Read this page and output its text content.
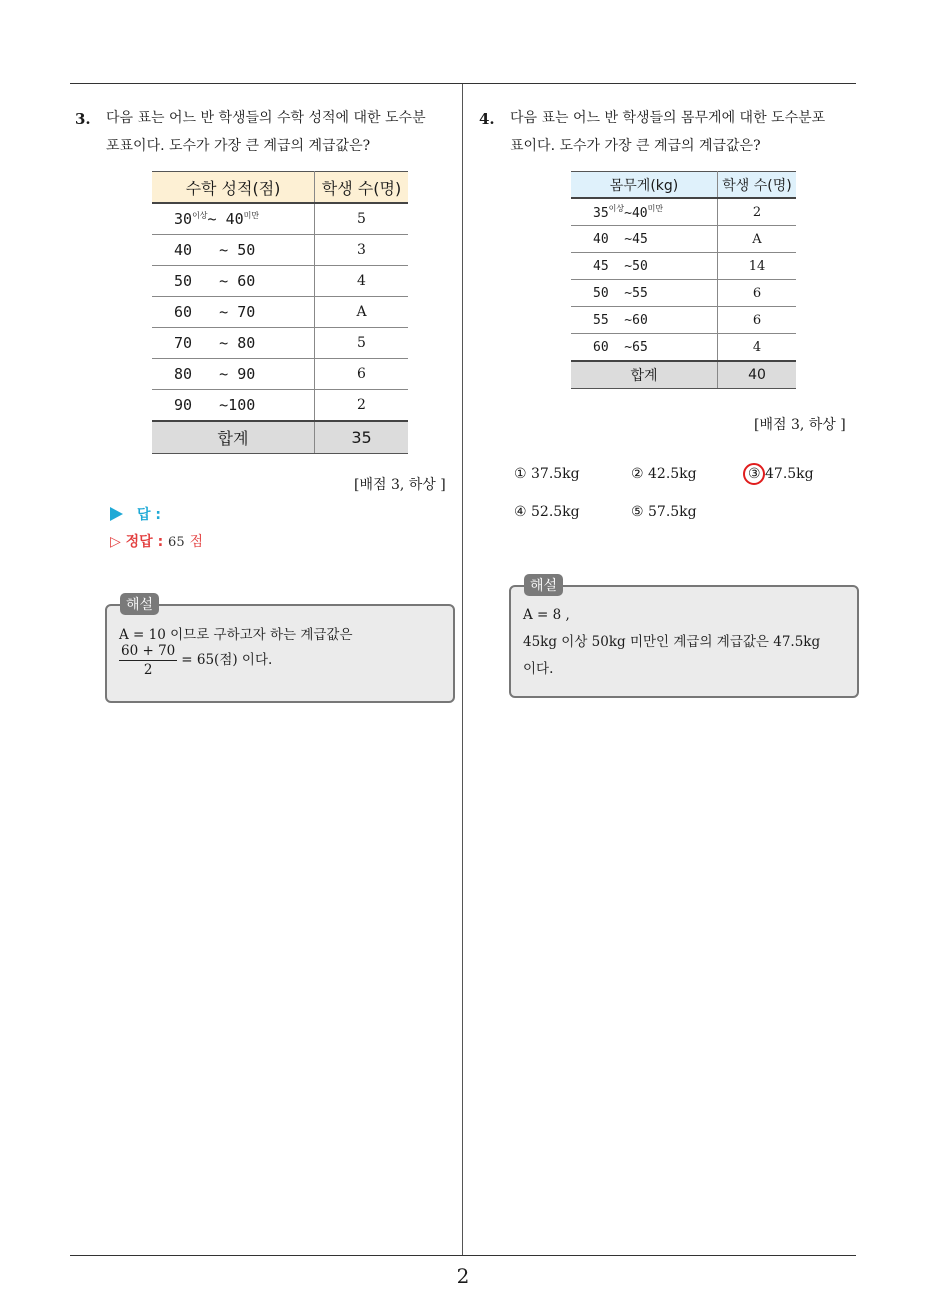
2
3. 다음 표는 어느 반 학생들의 수학 성적에 대한 도수분
포표이다. 도수가 가장 큰 계급의 계급값은?
수학 성적(점)	학생 수(명)
$30^{이상}\sim$ $40^{미만}$	5
40   ~ 50	3
50   ~ 60	4
60   ~ 70	A
70   ~ 80	5
80   ~ 90	6
90   ~100	2
합계	35
[배점 3, 하상 ]
답 :
▷ 정답 : 65 점
해설
A = 10 이므로 구하고자 하는 계급값은
$\frac{60 + 70}{2} = 65$(점) 이다.
4. 다음 표는 어느 반 학생들의 몸무게에 대한 도수분포
표이다. 도수가 가장 큰 계급의 계급값은?
몸무게(kg)	학생 수(명)
$35^{이상}\sim 40^{미만}$	2
40  ~45	A
45  ~50	14
50  ~55	6
55  ~60	6
60  ~65	4
합계	40
[배점 3, 하상 ]
① 37.5kg	② 42.5kg	③ 47.5kg
④ 52.5kg	⑤ 57.5kg
해설
A = 8 ,
45kg 이상 50kg 미만인 계급의 계급값은 47.5kg
이다.
